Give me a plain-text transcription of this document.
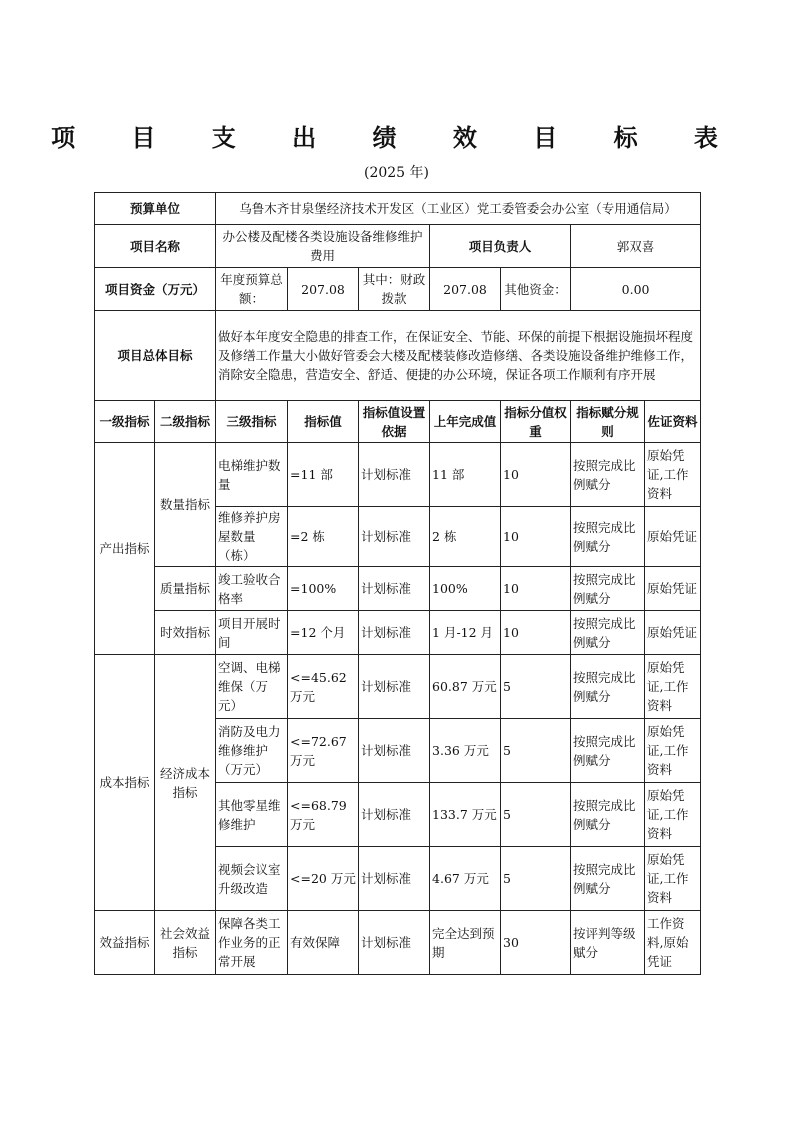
项 目 支 出 绩 效 目 标 表
(2025 年)
预算单位		乌鲁木齐甘泉堡经济技术开发区（工业区）党工委管委会办公室（专用通信局）						
项目名称		办公楼及配楼各类设施设备维修维护费用			项目负责人		郭双喜	
项目资金（万元）		年度预算总额：	207.08	其中：财政拨款	207.08	其他资金：	0.00	
项目总体目标		做好本年度安全隐患的排查工作，在保证安全、节能、环保的前提下根据设施损坏程度及修缮工作量大小做好管委会大楼及配楼装修改造修缮、各类设施设备维护维修工作，消除安全隐患，营造安全、舒适、便捷的办公环境，保证各项工作顺利有序开展						
一级指标	二级指标	三级指标	指标值	指标值设置依据	上年完成值	指标分值权重	指标赋分规则	佐证资料
产出指标	数量指标	电梯维护数量	=11 部	计划标准	11 部	10	按照完成比例赋分	原始凭证,工作资料
		维修养护房屋数量（栋）	=2 栋	计划标准	2 栋	10	按照完成比例赋分	原始凭证
	质量指标	竣工验收合格率	=100%	计划标准	100%	10	按照完成比例赋分	原始凭证
	时效指标	项目开展时间	=12 个月	计划标准	1 月-12 月	10	按照完成比例赋分	原始凭证
成本指标	经济成本指标	空调、电梯维保（万元）	<=45.62 万元	计划标准	60.87 万元	5	按照完成比例赋分	原始凭证,工作资料
		消防及电力维修维护（万元）	<=72.67 万元	计划标准	3.36 万元	5	按照完成比例赋分	原始凭证,工作资料
		其他零星维修维护	<=68.79 万元	计划标准	133.7 万元	5	按照完成比例赋分	原始凭证,工作资料
		视频会议室升级改造	<=20 万元	计划标准	4.67 万元	5	按照完成比例赋分	原始凭证,工作资料
效益指标	社会效益指标	保障各类工作业务的正常开展	有效保障	计划标准	完全达到预期	30	按评判等级赋分	工作资料,原始凭证
